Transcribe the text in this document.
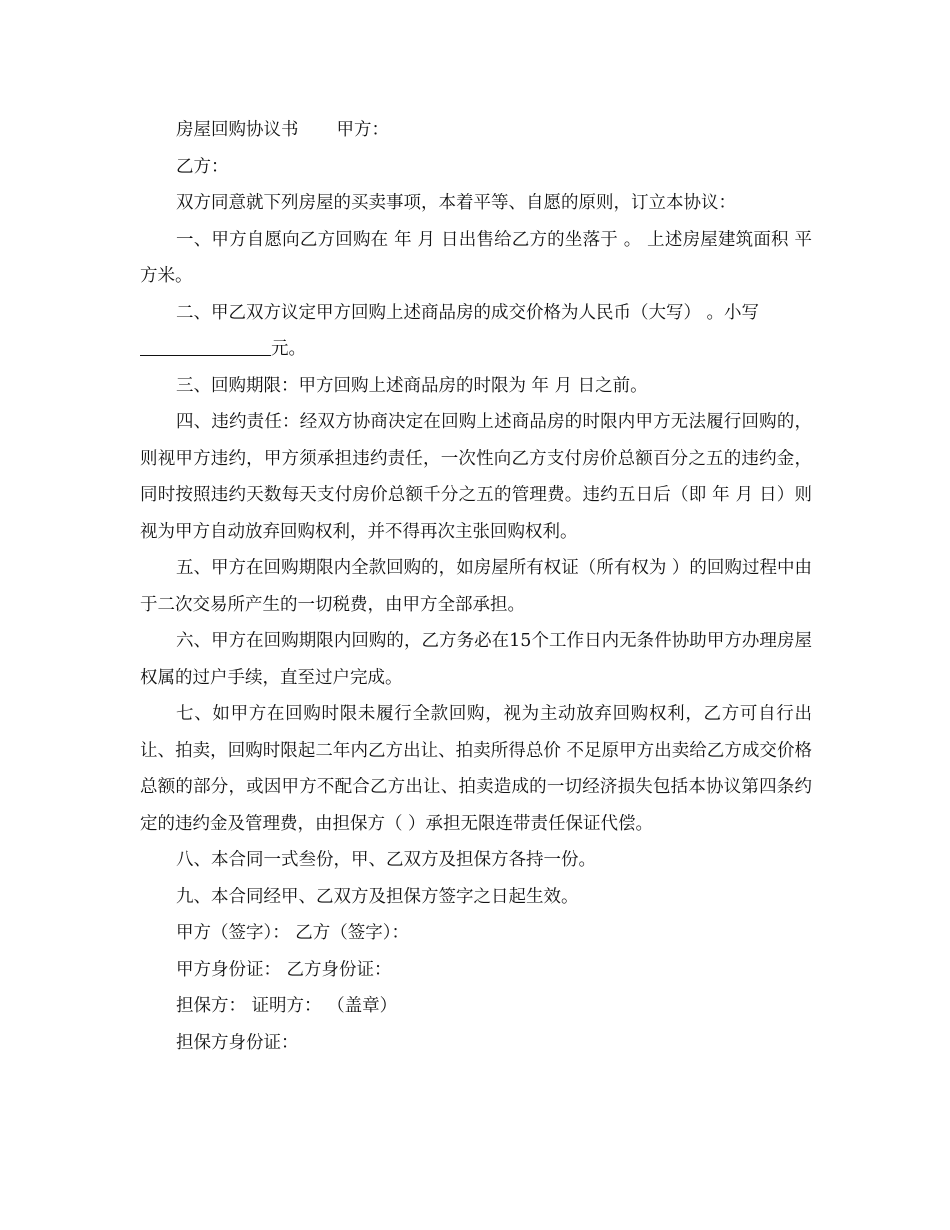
房屋回购协议书 甲方：

乙方：

双方同意就下列房屋的买卖事项，本着平等、自愿的原则，订立本协议：

一、甲方自愿向乙方回购在 年 月 日出售给乙方的坐落于 。 上述房屋建筑面积 平方米。

二、甲乙双方议定甲方回购上述商品房的成交价格为人民币（大写） 。小写

元。

三、回购期限：甲方回购上述商品房的时限为 年 月 日之前。

四、违约责任：经双方协商决定在回购上述商品房的时限内甲方无法履行回购的，则视甲方违约，甲方须承担违约责任，一次性向乙方支付房价总额百分之五的违约金，同时按照违约天数每天支付房价总额千分之五的管理费。违约五日后（即 年 月 日）则视为甲方自动放弃回购权利，并不得再次主张回购权利。

五、甲方在回购期限内全款回购的，如房屋所有权证（所有权为 ）的回购过程中由于二次交易所产生的一切税费，由甲方全部承担。

六、甲方在回购期限内回购的，乙方务必在15个工作日内无条件协助甲方办理房屋权属的过户手续，直至过户完成。

七、如甲方在回购时限未履行全款回购，视为主动放弃回购权利，乙方可自行出让、拍卖，回购时限起二年内乙方出让、拍卖所得总价 不足原甲方出卖给乙方成交价格总额的部分，或因甲方不配合乙方出让、拍卖造成的一切经济损失包括本协议第四条约定的违约金及管理费，由担保方（ ）承担无限连带责任保证代偿。

八、本合同一式叁份，甲、乙双方及担保方各持一份。

九、本合同经甲、乙双方及担保方签字之日起生效。

甲方（签字）： 乙方（签字）：

甲方身份证： 乙方身份证：

担保方： 证明方： （盖章）

担保方身份证：
